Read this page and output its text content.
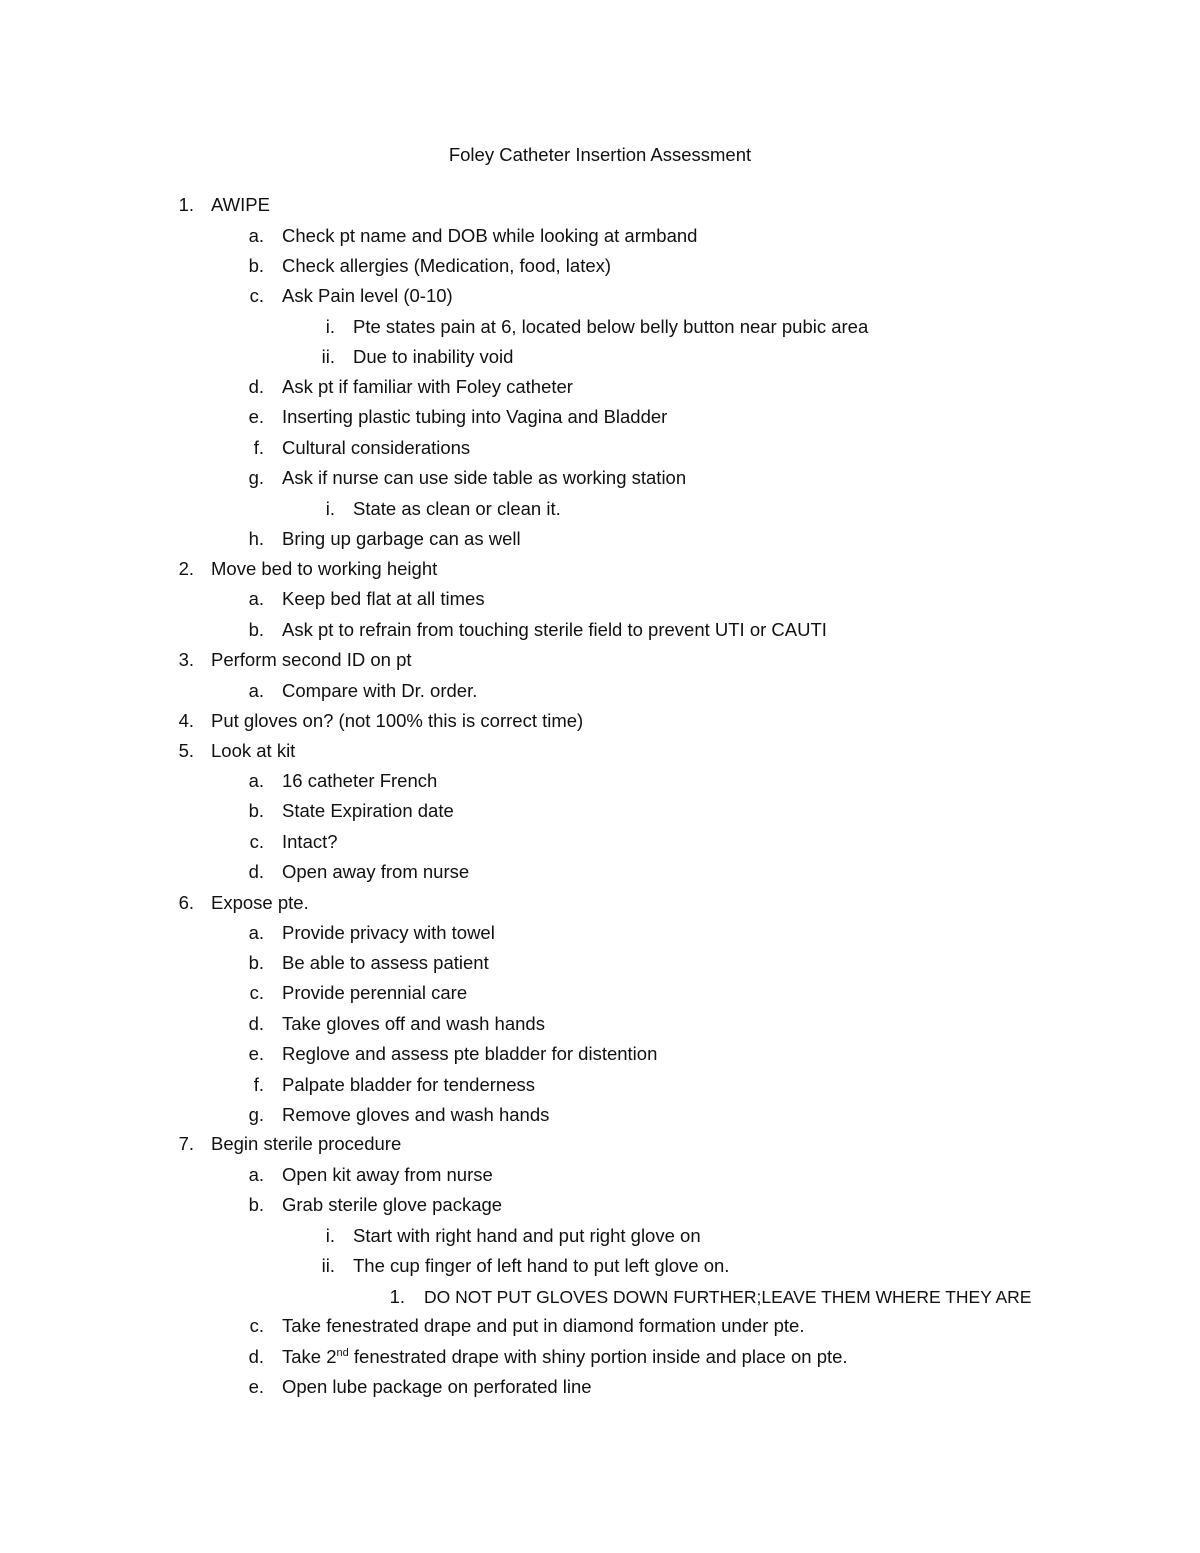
Foley Catheter Insertion Assessment
1. AWIPE
a. Check pt name and DOB while looking at armband
b. Check allergies (Medication, food, latex)
c. Ask Pain level (0-10)
i. Pte states pain at 6, located below belly button near pubic area
ii. Due to inability void
d. Ask pt if familiar with Foley catheter
e. Inserting plastic tubing into Vagina and Bladder
f. Cultural considerations
g. Ask if nurse can use side table as working station
i. State as clean or clean it.
h. Bring up garbage can as well
2. Move bed to working height
a. Keep bed flat at all times
b. Ask pt to refrain from touching sterile field to prevent UTI or CAUTI
3. Perform second ID on pt
a. Compare with Dr. order.
4. Put gloves on? (not 100% this is correct time)
5. Look at kit
a. 16 catheter French
b. State Expiration date
c. Intact?
d. Open away from nurse
6. Expose pte.
a. Provide privacy with towel
b. Be able to assess patient
c. Provide perennial care
d. Take gloves off and wash hands
e. Reglove and assess pte bladder for distention
f. Palpate bladder for tenderness
g. Remove gloves and wash hands
7. Begin sterile procedure
a. Open kit away from nurse
b. Grab sterile glove package
i. Start with right hand and put right glove on
ii. The cup finger of left hand to put left glove on.
1. DO NOT PUT GLOVES DOWN FURTHER;LEAVE THEM WHERE THEY ARE
c. Take fenestrated drape and put in diamond formation under pte.
d. Take 2nd fenestrated drape with shiny portion inside and place on pte.
e. Open lube package on perforated line
